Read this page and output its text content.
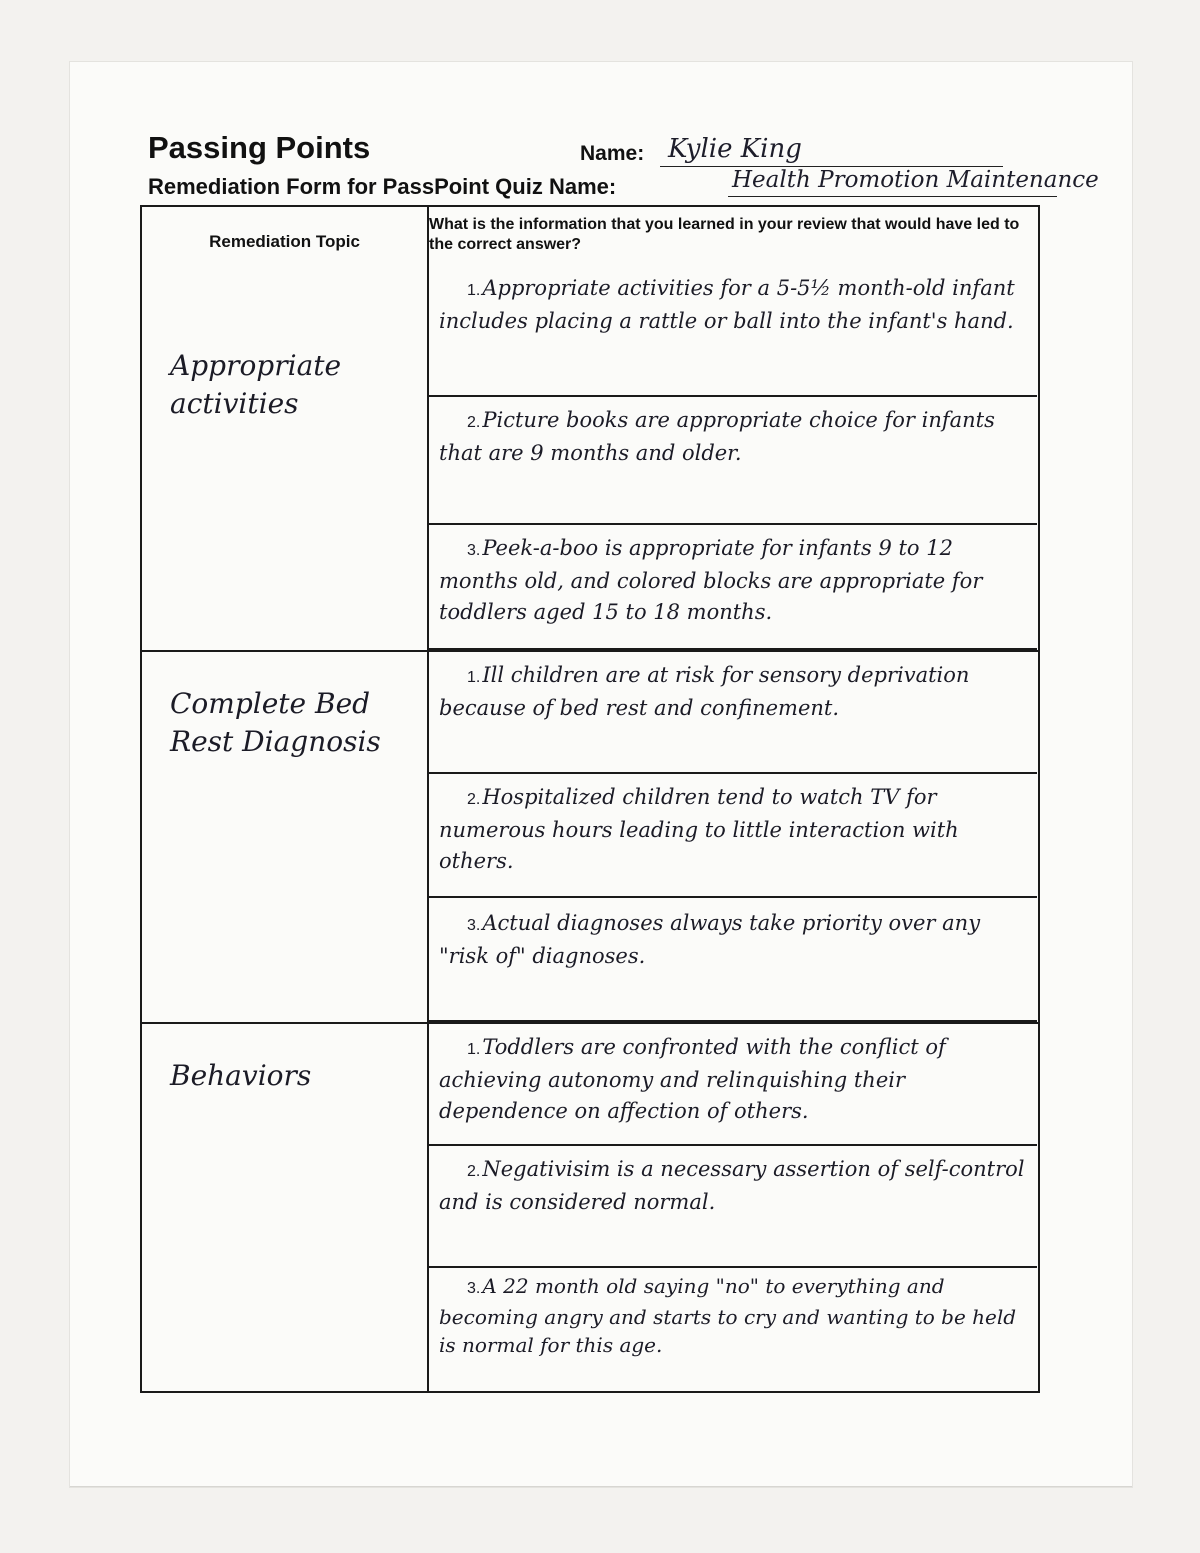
Passing Points	Name: Kylie King
Remediation Form for PassPoint Quiz Name:	Health Promotion Maintenance
Remediation Topic
What is the information that you learned in your review that would have led to the correct answer?
Appropriate activities
1.Appropriate activities for a 5-5½ month-old infant includes placing a rattle or ball into the infant's hand.
2.Picture books are appropriate choice for infants that are 9 months and older.
3.Peek-a-boo is appropriate for infants 9 to 12 months old, and colored blocks are appropriate for toddlers aged 15 to 18 months.
Complete Bed Rest Diagnosis
1.Ill children are at risk for sensory deprivation because of bed rest and confinement.
2.Hospitalized children tend to watch TV for numerous hours leading to little interaction with others.
3.Actual diagnoses always take priority over any "risk of" diagnoses.
Behaviors
1.Toddlers are confronted with the conflict of achieving autonomy and relinquishing their dependence on affection of others.
2.Negativisim is a necessary assertion of self-control and is considered normal.
3. A 22 month old saying "no" to everything and becoming angry and starts to cry and wanting to be held is normal for this age.
